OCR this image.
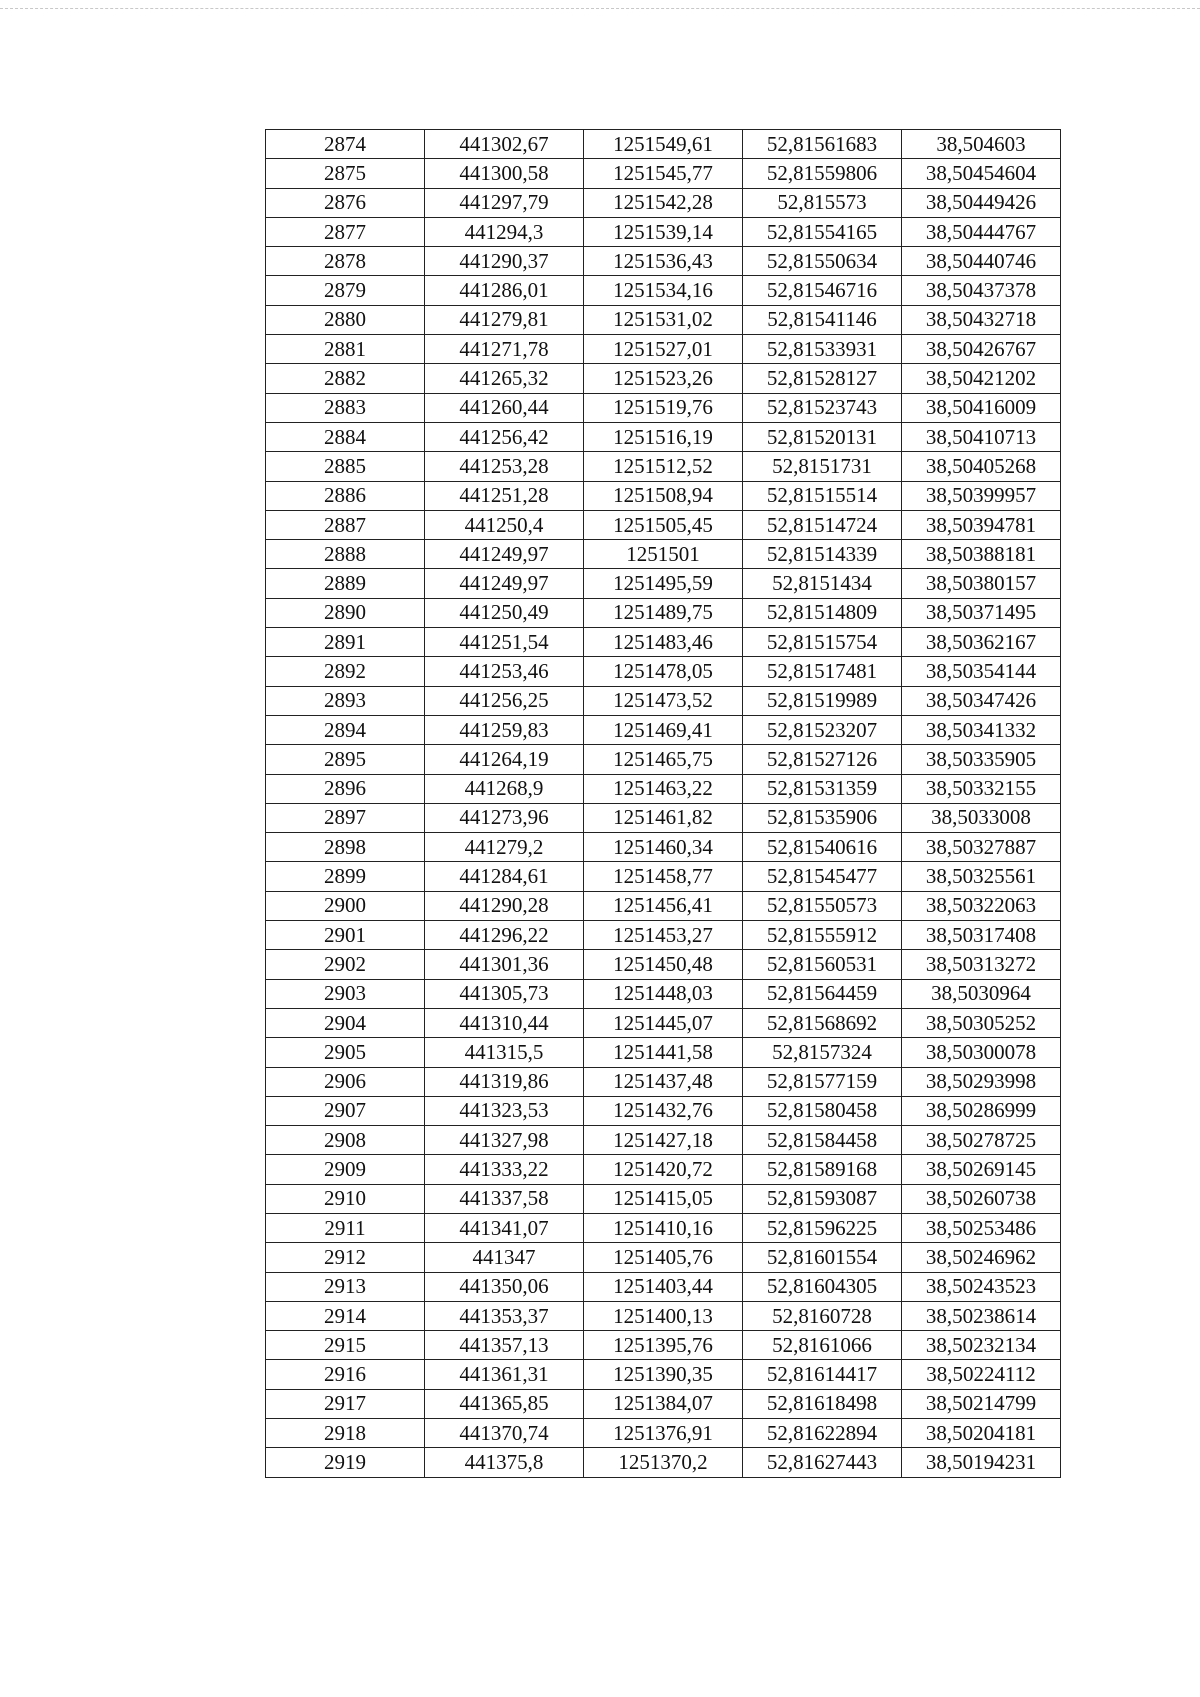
2874	441302,67	1251549,61	52,81561683	38,504603
2875	441300,58	1251545,77	52,81559806	38,50454604
2876	441297,79	1251542,28	52,815573	38,50449426
2877	441294,3	1251539,14	52,81554165	38,50444767
2878	441290,37	1251536,43	52,81550634	38,50440746
2879	441286,01	1251534,16	52,81546716	38,50437378
2880	441279,81	1251531,02	52,81541146	38,50432718
2881	441271,78	1251527,01	52,81533931	38,50426767
2882	441265,32	1251523,26	52,81528127	38,50421202
2883	441260,44	1251519,76	52,81523743	38,50416009
2884	441256,42	1251516,19	52,81520131	38,50410713
2885	441253,28	1251512,52	52,8151731	38,50405268
2886	441251,28	1251508,94	52,81515514	38,50399957
2887	441250,4	1251505,45	52,81514724	38,50394781
2888	441249,97	1251501	52,81514339	38,50388181
2889	441249,97	1251495,59	52,8151434	38,50380157
2890	441250,49	1251489,75	52,81514809	38,50371495
2891	441251,54	1251483,46	52,81515754	38,50362167
2892	441253,46	1251478,05	52,81517481	38,50354144
2893	441256,25	1251473,52	52,81519989	38,50347426
2894	441259,83	1251469,41	52,81523207	38,50341332
2895	441264,19	1251465,75	52,81527126	38,50335905
2896	441268,9	1251463,22	52,81531359	38,50332155
2897	441273,96	1251461,82	52,81535906	38,5033008
2898	441279,2	1251460,34	52,81540616	38,50327887
2899	441284,61	1251458,77	52,81545477	38,50325561
2900	441290,28	1251456,41	52,81550573	38,50322063
2901	441296,22	1251453,27	52,81555912	38,50317408
2902	441301,36	1251450,48	52,81560531	38,50313272
2903	441305,73	1251448,03	52,81564459	38,5030964
2904	441310,44	1251445,07	52,81568692	38,50305252
2905	441315,5	1251441,58	52,8157324	38,50300078
2906	441319,86	1251437,48	52,81577159	38,50293998
2907	441323,53	1251432,76	52,81580458	38,50286999
2908	441327,98	1251427,18	52,81584458	38,50278725
2909	441333,22	1251420,72	52,81589168	38,50269145
2910	441337,58	1251415,05	52,81593087	38,50260738
2911	441341,07	1251410,16	52,81596225	38,50253486
2912	441347	1251405,76	52,81601554	38,50246962
2913	441350,06	1251403,44	52,81604305	38,50243523
2914	441353,37	1251400,13	52,8160728	38,50238614
2915	441357,13	1251395,76	52,8161066	38,50232134
2916	441361,31	1251390,35	52,81614417	38,50224112
2917	441365,85	1251384,07	52,81618498	38,50214799
2918	441370,74	1251376,91	52,81622894	38,50204181
2919	441375,8	1251370,2	52,81627443	38,50194231
